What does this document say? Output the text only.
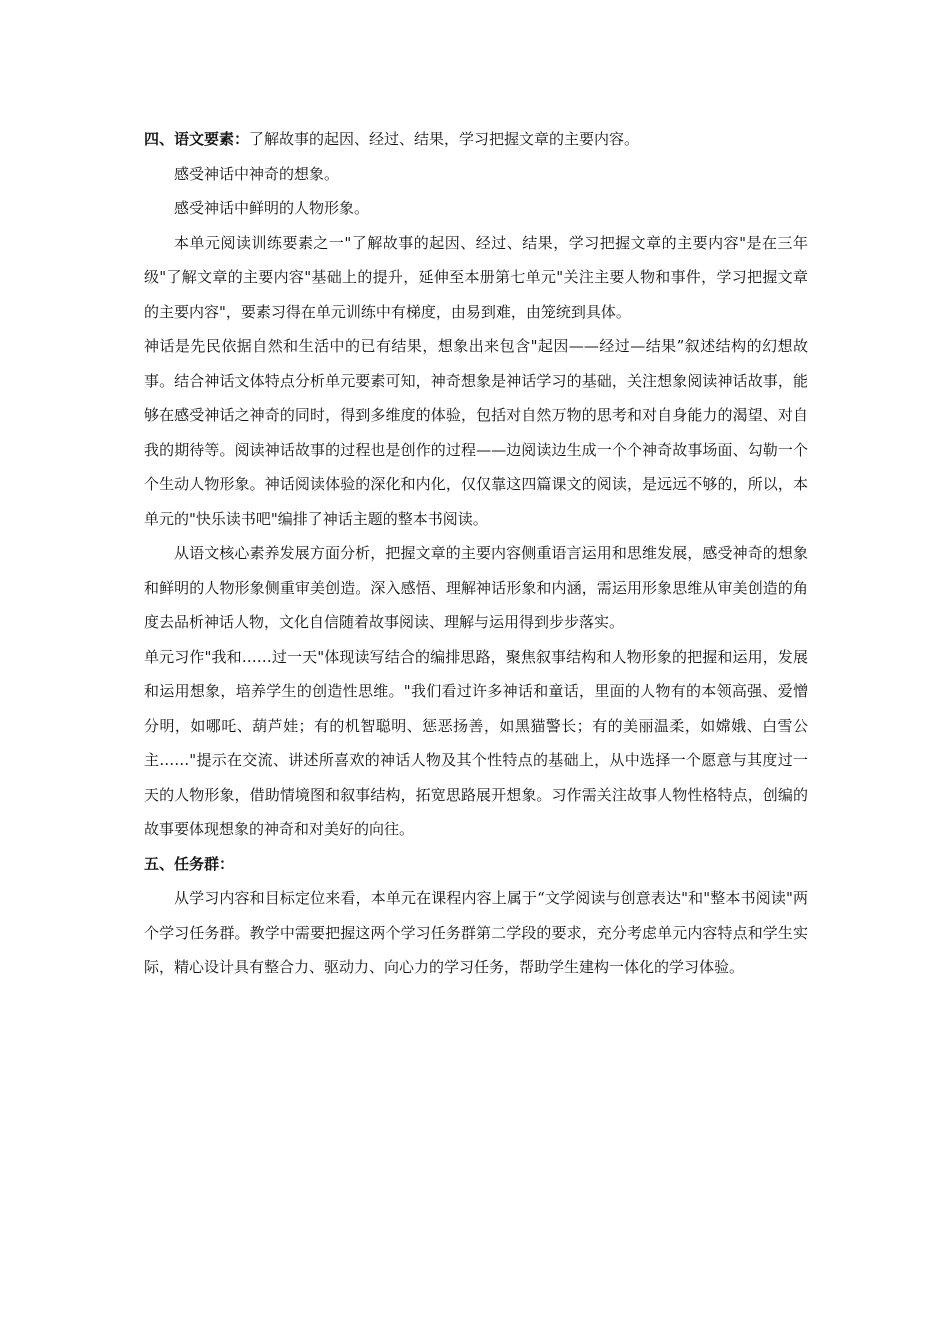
四、语文要素：了解故事的起因、经过、结果，学习把握文章的主要内容。

感受神话中神奇的想象。

感受神话中鲜明的人物形象。

本单元阅读训练要素之一"了解故事的起因、经过、结果，学习把握文章的主要内容"是在三年级"了解文章的主要内容"基础上的提升，延伸至本册第七单元"关注主要人物和事件，学习把握文章的主要内容"，要素习得在单元训练中有梯度，由易到难，由笼统到具体。

神话是先民依据自然和生活中的已有结果，想象出来包含"起因——经过—结果”叙述结构的幻想故事。结合神话文体特点分析单元要素可知，神奇想象是神话学习的基础，关注想象阅读神话故事，能够在感受神话之神奇的同时，得到多维度的体验，包括对自然万物的思考和对自身能力的渴望、对自我的期待等。阅读神话故事的过程也是创作的过程——边阅读边生成一个个神奇故事场面、勾勒一个个生动人物形象。神话阅读体验的深化和内化，仅仅靠这四篇课文的阅读，是远远不够的，所以，本单元的"快乐读书吧"编排了神话主题的整本书阅读。

从语文核心素养发展方面分析，把握文章的主要内容侧重语言运用和思维发展，感受神奇的想象和鲜明的人物形象侧重审美创造。深入感悟、理解神话形象和内涵，需运用形象思维从审美创造的角度去品析神话人物，文化自信随着故事阅读、理解与运用得到步步落实。

单元习作"我和……过一天"体现读写结合的编排思路，聚焦叙事结构和人物形象的把握和运用，发展和运用想象，培养学生的创造性思维。"我们看过许多神话和童话，里面的人物有的本领高强、爱憎分明，如哪吒、葫芦娃；有的机智聪明、惩恶扬善，如黑猫警长；有的美丽温柔，如嫦娥、白雪公主……"提示在交流、讲述所喜欢的神话人物及其个性特点的基础上，从中选择一个愿意与其度过一天的人物形象，借助情境图和叙事结构，拓宽思路展开想象。习作需关注故事人物性格特点，创编的故事要体现想象的神奇和对美好的向往。

五、任务群：

从学习内容和目标定位来看，本单元在课程内容上属于“文学阅读与创意表达"和"整本书阅读"两个学习任务群。教学中需要把握这两个学习任务群第二学段的要求，充分考虑单元内容特点和学生实际，精心设计具有整合力、驱动力、向心力的学习任务，帮助学生建构一体化的学习体验。
